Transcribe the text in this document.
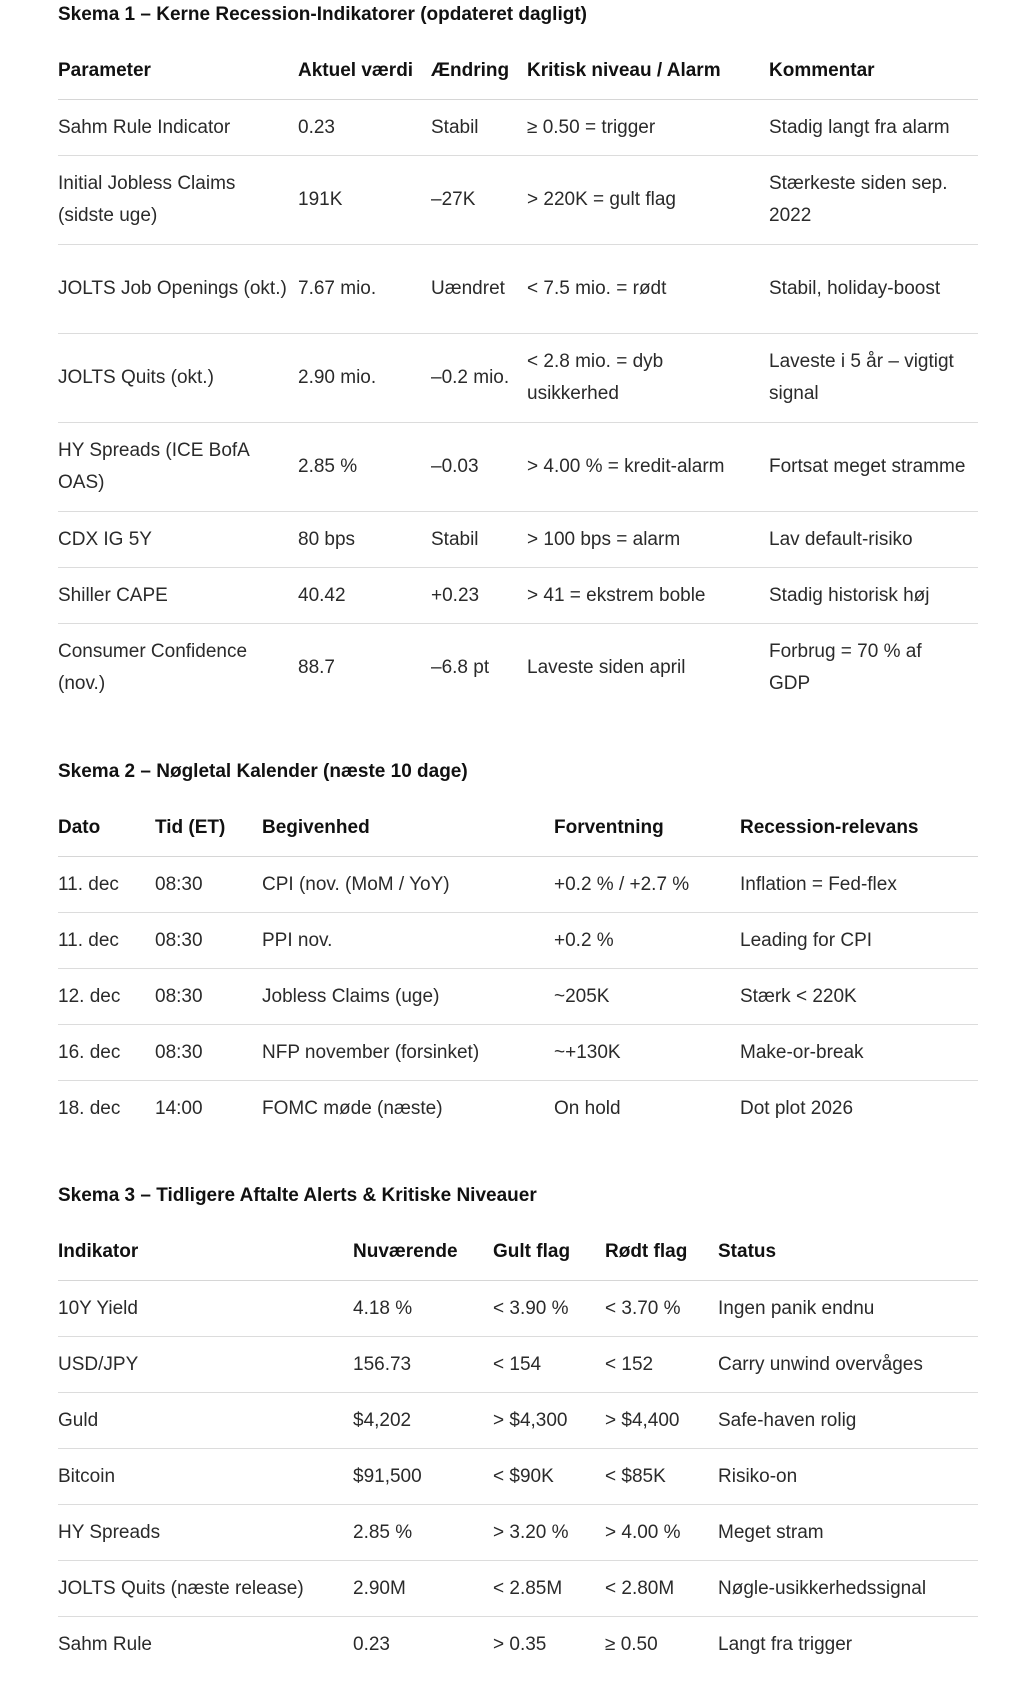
Skema 1 – Kerne Recession-Indikatorer (opdateret dagligt)
Parameter	Aktuel værdi	Ændring	Kritisk niveau / Alarm	Kommentar
Sahm Rule Indicator	0.23	Stabil	≥ 0.50 = trigger	Stadig langt fra alarm
Initial Jobless Claims (sidste uge)	191K	–27K	> 220K = gult flag	Stærkeste siden sep. 2022
JOLTS Job Openings (okt.)	7.67 mio.	Uændret	< 7.5 mio. = rødt	Stabil, holiday-boost
JOLTS Quits (okt.)	2.90 mio.	–0.2 mio.	< 2.8 mio. = dyb usikkerhed	Laveste i 5 år – vigtigt signal
HY Spreads (ICE BofA OAS)	2.85 %	–0.03	> 4.00 % = kredit-alarm	Fortsat meget stramme
CDX IG 5Y	80 bps	Stabil	> 100 bps = alarm	Lav default-risiko
Shiller CAPE	40.42	+0.23	> 41 = ekstrem boble	Stadig historisk høj
Consumer Confidence (nov.)	88.7	–6.8 pt	Laveste siden april	Forbrug = 70 % af GDP
Skema 2 – Nøgletal Kalender (næste 10 dage)
Dato	Tid (ET)	Begivenhed	Forventning	Recession-relevans
11. dec	08:30	CPI (nov. (MoM / YoY)	+0.2 % / +2.7 %	Inflation = Fed-flex
11. dec	08:30	PPI nov.	+0.2 %	Leading for CPI
12. dec	08:30	Jobless Claims (uge)	~205K	Stærk < 220K
16. dec	08:30	NFP november (forsinket)	~+130K	Make-or-break
18. dec	14:00	FOMC møde (næste)	On hold	Dot plot 2026
Skema 3 – Tidligere Aftalte Alerts & Kritiske Niveauer
Indikator	Nuværende	Gult flag	Rødt flag	Status
10Y Yield	4.18 %	< 3.90 %	< 3.70 %	Ingen panik endnu
USD/JPY	156.73	< 154	< 152	Carry unwind overvåges
Guld	$4,202	> $4,300	> $4,400	Safe-haven rolig
Bitcoin	$91,500	< $90K	< $85K	Risiko-on
HY Spreads	2.85 %	> 3.20 %	> 4.00 %	Meget stram
JOLTS Quits (næste release)	2.90M	< 2.85M	< 2.80M	Nøgle-usikkerhedssignal
Sahm Rule	0.23	> 0.35	≥ 0.50	Langt fra trigger
